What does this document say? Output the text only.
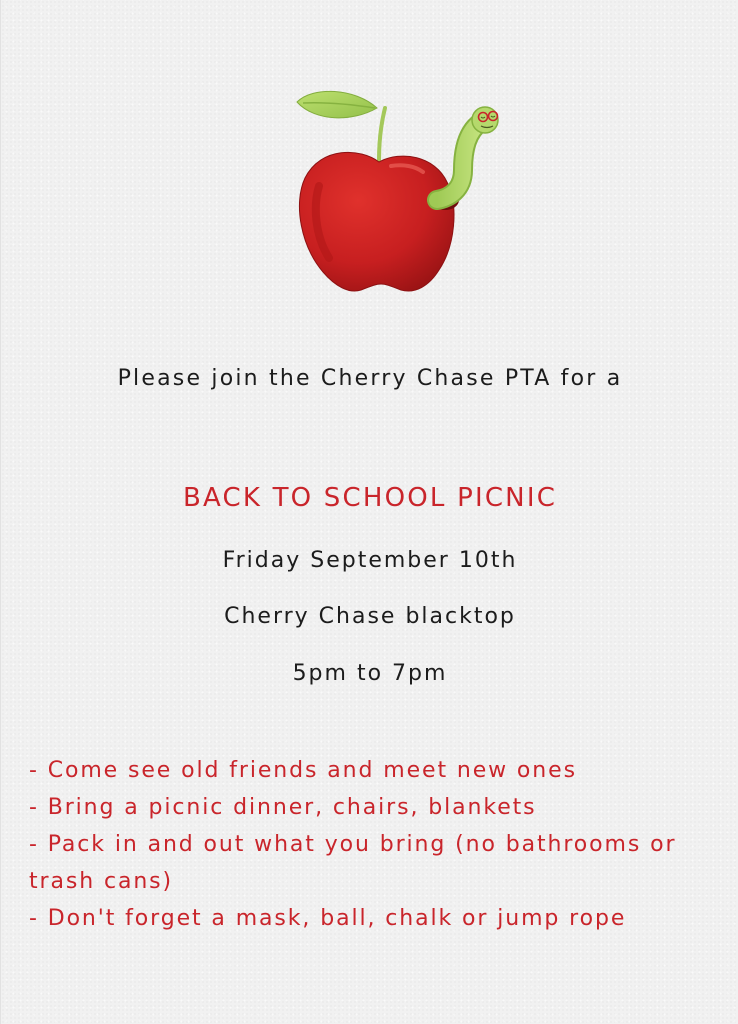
Please join the Cherry Chase PTA for a
BACK TO SCHOOL PICNIC
Friday September 10th
Cherry Chase blacktop
5pm to 7pm
- Come see old friends and meet new ones
- Bring a picnic dinner, chairs, blankets
- Pack in and out what you bring (no bathrooms or trash cans)
- Don't forget a mask, ball, chalk or jump rope
